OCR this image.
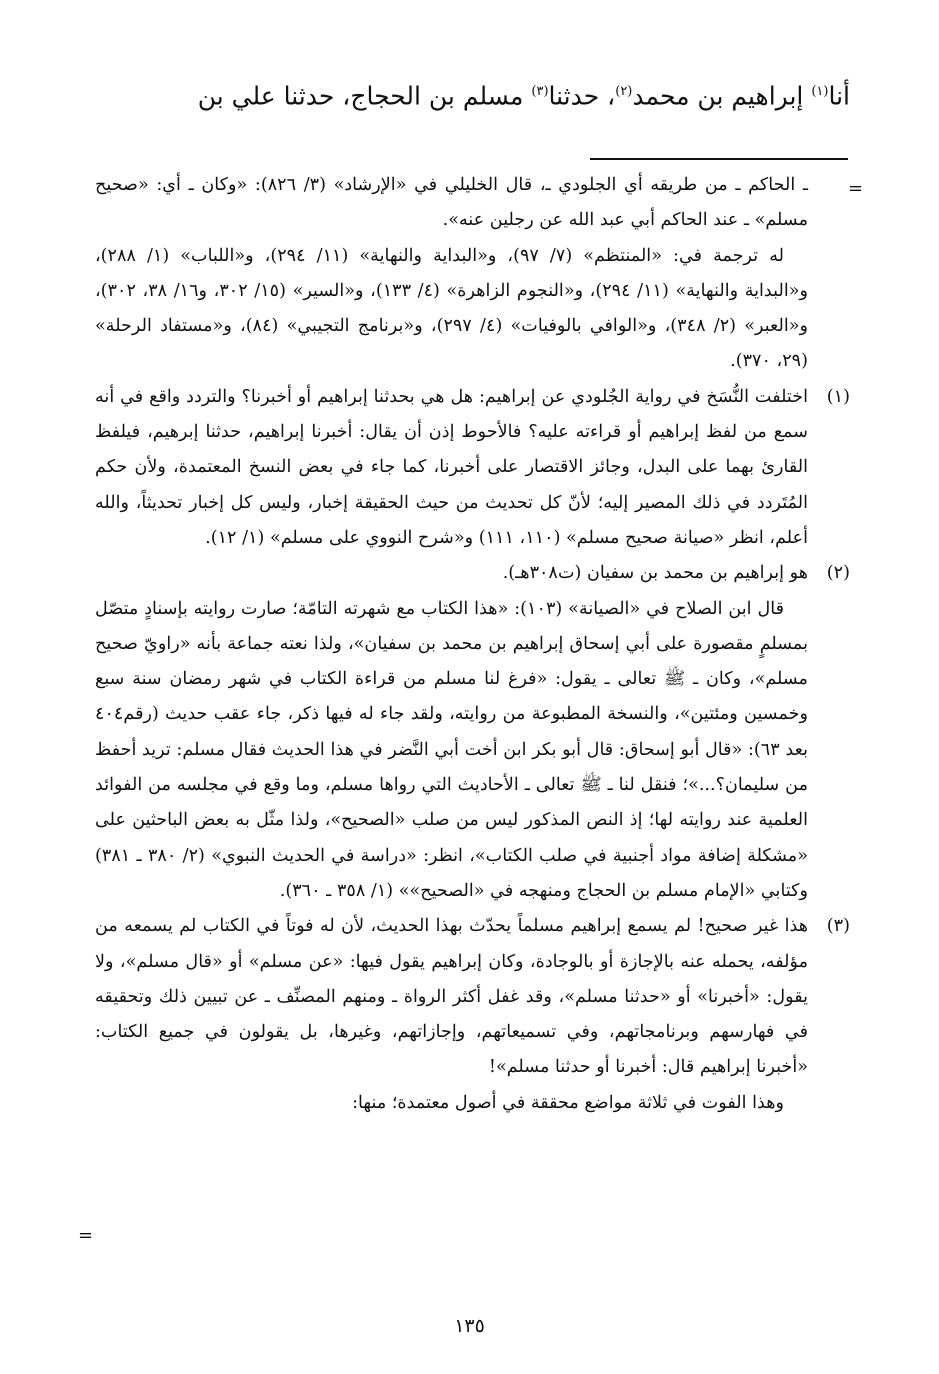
أنا$^{(١)}$ إبراهيم بن محمد$^{(٢)}$، حدثنا$^{(٣)}$ مسلم بن الحجاج، حدثنا علي بن
=

ـ الحاكم ـ من طريقه أي الجلودي ـ، قال الخليلي في «الإرشاد» (٣/ ٨٢٦): «وكان ـ أي: «صحيح مسلم» ـ عند الحاكم أبي عبد الله عن رجلين عنه».

له ترجمة في: «المنتظم» (٧/ ٩٧)، و«البداية والنهاية» (١١/ ٢٩٤)، و«اللباب» (١/ ٢٨٨)، و«البداية والنهاية» (١١/ ٢٩٤)، و«النجوم الزاهرة» (٤/ ١٣٣)، و«السير» (١٥/ ٣٠٢، و١٦/ ٣٨، ٣٠٢)، و«العبر» (٢/ ٣٤٨)، و«الوافي بالوفيات» (٤/ ٢٩٧)، و«برنامج التجيبي» (٨٤)، و«مستفاد الرحلة» (٢٩، ٣٧٠).

(١)
اختلفت النُّسَخ في رواية الجُلودي عن إبراهيم: هل هي بحدثنا إبراهيم أو أخبرنا؟ والتردد واقع في أنه سمع من لفظ إبراهيم أو قراءته عليه؟ فالأحوط إذن أن يقال: أخبرنا إبراهيم، حدثنا إبرهيم، فيلفظ القارئ بهما على البدل، وجائز الاقتصار على أخبرنا، كما جاء في بعض النسخ المعتمدة، ولأن حكم المُتَردد في ذلك المصير إليه؛ لأنّ كل تحديث من حيث الحقيقة إخبار، وليس كل إخبار تحديثاً، والله أعلم، انظر «صيانة صحيح مسلم» (١١٠، ١١١) و«شرح النووي على مسلم» (١/ ١٢).

(٢)
هو إبراهيم بن محمد بن سفيان (ت٣٠٨هـ).

قال ابن الصلاح في «الصيانة» (١٠٣): «هذا الكتاب مع شهرته التامّة؛ صارت روايته بإسنادٍ متصّل بمسلمٍ مقصورة على أبي إسحاق إبراهيم بن محمد بن سفيان»، ولذا نعته جماعة بأنه «راويّ صحيح مسلم»، وكان ـ ﷺ تعالى ـ يقول: «فرغ لنا مسلم من قراءة الكتاب في شهر رمضان سنة سبع وخمسين ومئتين»، والنسخة المطبوعة من روايته، ولقد جاء له فيها ذكر، جاء عقب حديث (رقم٤٠٤ بعد ٦٣): «قال أبو إسحاق: قال أبو بكر ابن أخت أبي النَّضر في هذا الحديث فقال مسلم: تريد أحفظ من سليمان؟...»؛ فنقل لنا ـ ﷺ تعالى ـ الأحاديث التي رواها مسلم، وما وقع في مجلسه من الفوائد العلمية عند روايته لها؛ إذ النص المذكور ليس من صلب «الصحيح»، ولذا مثّل به بعض الباحثين على «مشكلة إضافة مواد أجنبية في صلب الكتاب»، انظر: «دراسة في الحديث النبوي» (٢/ ٣٨٠ ـ ٣٨١) وكتابي «الإمام مسلم بن الحجاج ومنهجه في «الصحيح»» (١/ ٣٥٨ ـ ٣٦٠).

(٣)
هذا غير صحيح! لم يسمع إبراهيم مسلماً يحدّث بهذا الحديث، لأن له فوتاً في الكتاب لم يسمعه من مؤلفه، يحمله عنه بالإجازة أو بالوجادة، وكان إبراهيم يقول فيها: «عن مسلم» أو «قال مسلم»، ولا يقول: «أخبرنا» أو «حدثنا مسلم»، وقد غفل أكثر الرواة ـ ومنهم المصنِّف ـ عن تبيين ذلك وتحقيقه في فهارسهم وبرنامجاتهم، وفي تسميعاتهم، وإجازاتهم، وغيرها، بل يقولون في جميع الكتاب: «أخبرنا إبراهيم قال: أخبرنا أو حدثنا مسلم»!

وهذا الفوت في ثلاثة مواضع محققة في أصول معتمدة؛ منها:

=
١٣٥
